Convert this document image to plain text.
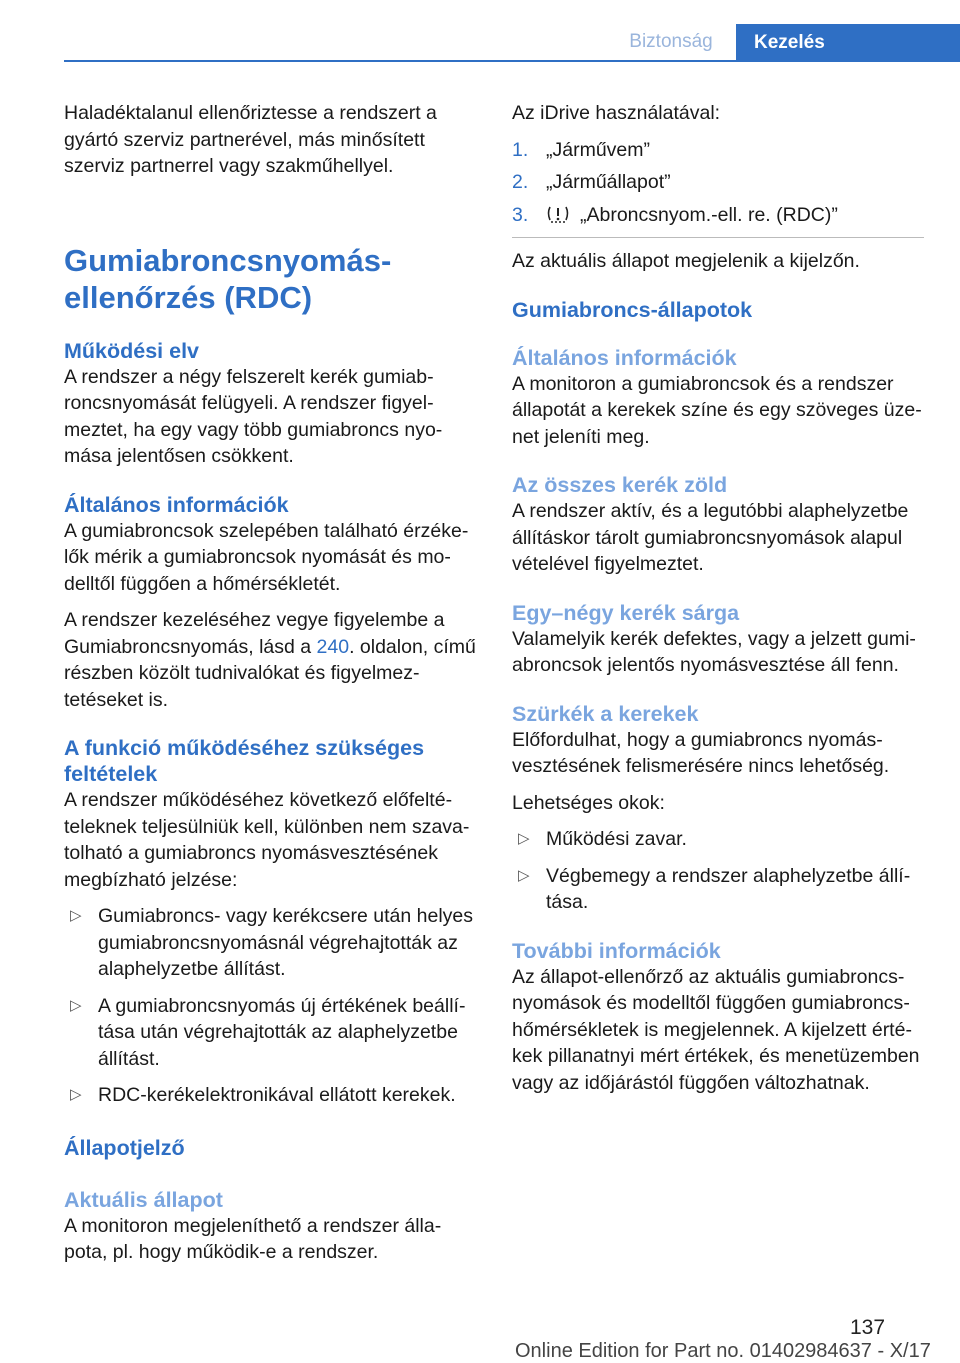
Biztonság	Kezelés

Haladéktalanul ellenőriztesse a rendszert a gyártó szerviz partnerével, más minősített szerviz partnerrel vagy szakműhellyel.

Gumiabroncsnyomás-ellenőrzés (RDC)
Működési elv

A rendszer a négy felszerelt kerék gumiabroncsnyomását felügyeli. A rendszer figyelmeztet, ha egy vagy több gumiabroncs nyomása jelentősen csökkent.

Általános információk

A gumiabroncsok szelepében található érzékelők mérik a gumiabroncsok nyomását és modelltől függően a hőmérsékletét.

A rendszer kezeléséhez vegye figyelembe a Gumiabroncsnyomás, lásd a 240. oldalon, című részben közölt tudnivalókat és figyelmeztetéseket is.

A funkció működéséhez szükséges feltételek

A rendszer működéséhez következő előfeltételeknek teljesülniük kell, különben nem szavatolható a gumiabroncs nyomásvesztésének megbízható jelzése:

▷ Gumiabroncs- vagy kerékcsere után helyes gumiabroncsnyomásnál végrehajtották az alaphelyzetbe állítást.
▷ A gumiabroncsnyomás új értékének beállítása után végrehajtották az alaphelyzetbe állítást.
▷ RDC-kerékelektronikával ellátott kerekek.
Állapotjelző
Aktuális állapot

A monitoron megjeleníthető a rendszer állapota, pl. hogy működik-e a rendszer.

Az iDrive használatával:

1. „Járművem”
2. „Járműállapot”
3.	„Abroncsnyom.-ell. re. (RDC)”

Az aktuális állapot megjelenik a kijelzőn.

Gumiabroncs-állapotok
Általános információk

A monitoron a gumiabroncsok és a rendszer állapotát a kerekek színe és egy szöveges üzenet jeleníti meg.

Az összes kerék zöld

A rendszer aktív, és a legutóbbi alaphelyzetbe állításkor tárolt gumiabroncsnyomások alapul vételével figyelmeztet.

Egy–négy kerék sárga

Valamelyik kerék defektes, vagy a jelzett gumiabroncsok jelentős nyomásvesztése áll fenn.

Szürkék a kerekek

Előfordulhat, hogy a gumiabroncs nyomásvesztésének felismerésére nincs lehetőség.

Lehetséges okok:

▷ Működési zavar.
▷ Végbemegy a rendszer alaphelyzetbe állítása.
További információk

Az állapot-ellenőrző az aktuális gumiabroncsnyomások és modelltől függően gumiabroncshőmérsékletek is megjelennek. A kijelzett értékek pillanatnyi mért értékek, és menetüzemben vagy az időjárástól függően változhatnak.

137
Online Edition for Part no. 01402984637 - X/17
